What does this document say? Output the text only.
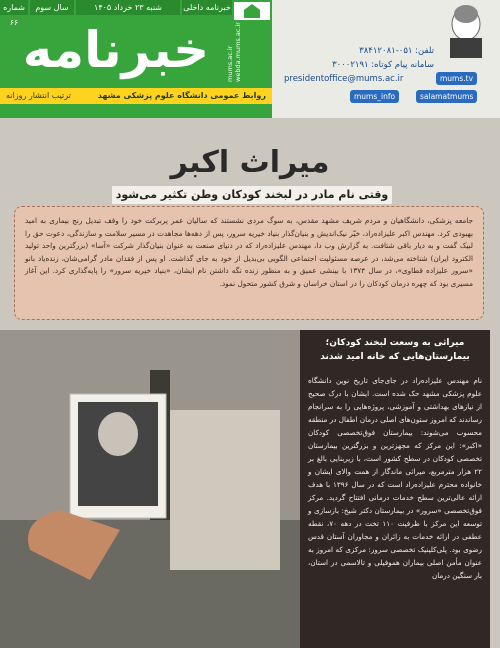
شماره ۶۶
سال سوم	شنبه ۲۳ خرداد ۱۴۰۵	خبرنامه داخلی
خبرنامه	mums.ac.ir webda.mums.ac.ir
ترتیب انتشار روزانه	روابط عمومی دانشگاه علوم پزشکی مشهد
تلفن: ۰۵۱-۳۸۴۱۲۰۸۱
سامانه پیام کوتاه: ۳۰۰۰۲۱۹۱
presidentoffice@mums.ac.ir	mums.tv
mums_info	salamatmums
میراث اکبر
وقتی نام مادر در لبخند کودکان وطن تکثیر می‌شود
جامعه پزشکی، دانشگاهیان و مردم شریف مشهد مقدس، به سوگ مردی نشستند که سالیان عمر پربرکت خود را وقف تبدیل رنج بیماری به امید بهبودی کرد. مهندس اکبر علیزاده‌راد، خیّر نیک‌اندیش و بنیان‌گذار بنیاد خیریه سرور، پس از دهه‌ها مجاهدت در مسیر سلامت و سازندگی، دعوت حق را لبیک گفت و به دیار باقی شتافت. به گزارش وب دا، مهندس علیزاده‌راد که در دنیای صنعت به عنوان بنیان‌گذار شرکت «آسا» (بزرگترین واحد تولید الکترود ایران) شناخته می‌شد، در عرصه مسئولیت اجتماعی الگویی بی‌بدیل از خود به جای گذاشت. او پس از فقدان مادر گرامی‌شان، زنده‌یاد بانو «سرور علیزاده قطاوی»، در سال ۱۳۷۴ با بینشی عمیق و به منظور زنده نگه داشتن نام ایشان، «بنیاد خیریه سرور» را پایه‌گذاری کرد. این آغاز مسیری بود که چهره درمان کودکان را در استان خراسان و شرق کشور متحول نمود.
میراثی به وسعت لبخند کودکان؛ بیمارستان‌هایی که خانه امید شدند
نام مهندس علیزاده‌راد در جای‌جای تاریخ نوین دانشگاه علوم پزشکی مشهد حک شده است. ایشان با درک صحیح از نیازهای بهداشتی و آموزشی، پروژه‌هایی را به سرانجام رساندند که امروز ستون‌های اصلی درمان اطفال در منطقه محسوب می‌شوند: بیمارستان فوق‌تخصصی کودکان «اکبر»: این مرکز که مجهزترین و بزرگترین بیمارستان تخصصی کودکان در سطح کشور است، با زیربنایی بالغ بر ۲۲ هزار مترمربع، میراثی ماندگار از همت والای ایشان و خانواده محترم علیزاده‌راد است که در سال ۱۳۹۶ با هدف ارائه عالی‌ترین سطح خدمات درمانی افتتاح گردید. مرکز فوق‌تخصصی «سرور» در بیمارستان دکتر شیخ: بازسازی و توسعه این مرکز با ظرفیت ۱۱۰ تخت در دهه ۷۰، نقطه عطفی در ارائه خدمات به زائران و مجاوران آستان قدس رضوی بود. پلی‌کلینیک تخصصی سرور: مرکزی که امروز به عنوان مأمن اصلی بیماران هموفیلی و تالاسمی در استان، بار سنگین درمان
